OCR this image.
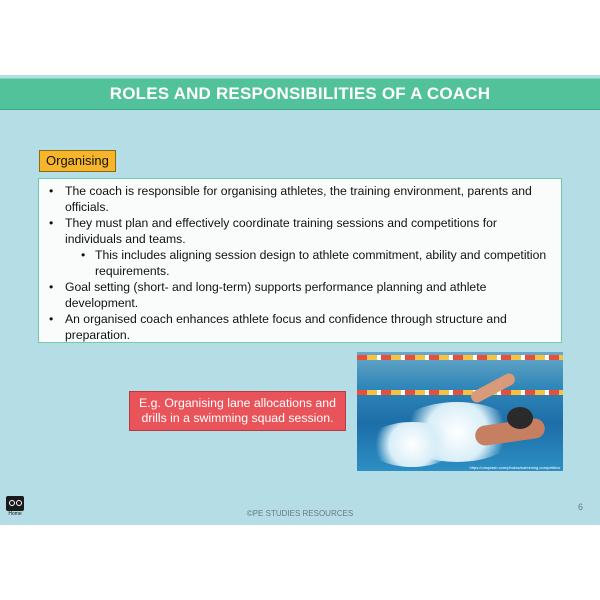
ROLES AND RESPONSIBILITIES OF A COACH
Organising
• The coach is responsible for organising athletes, the training environment, parents and officials.
• They must plan and effectively coordinate training sessions and competitions for individuals and teams.
• This includes aligning session design to athlete commitment, ability and competition requirements.
• Goal setting (short- and long-term) supports performance planning and athlete development.
• An organised coach enhances athlete focus and confidence through structure and preparation.
https://unsplash.com/photos/swimming-competition
E.g. Organising lane allocations and drills in a swimming squad session.
Home	©PE STUDIES RESOURCES
6
